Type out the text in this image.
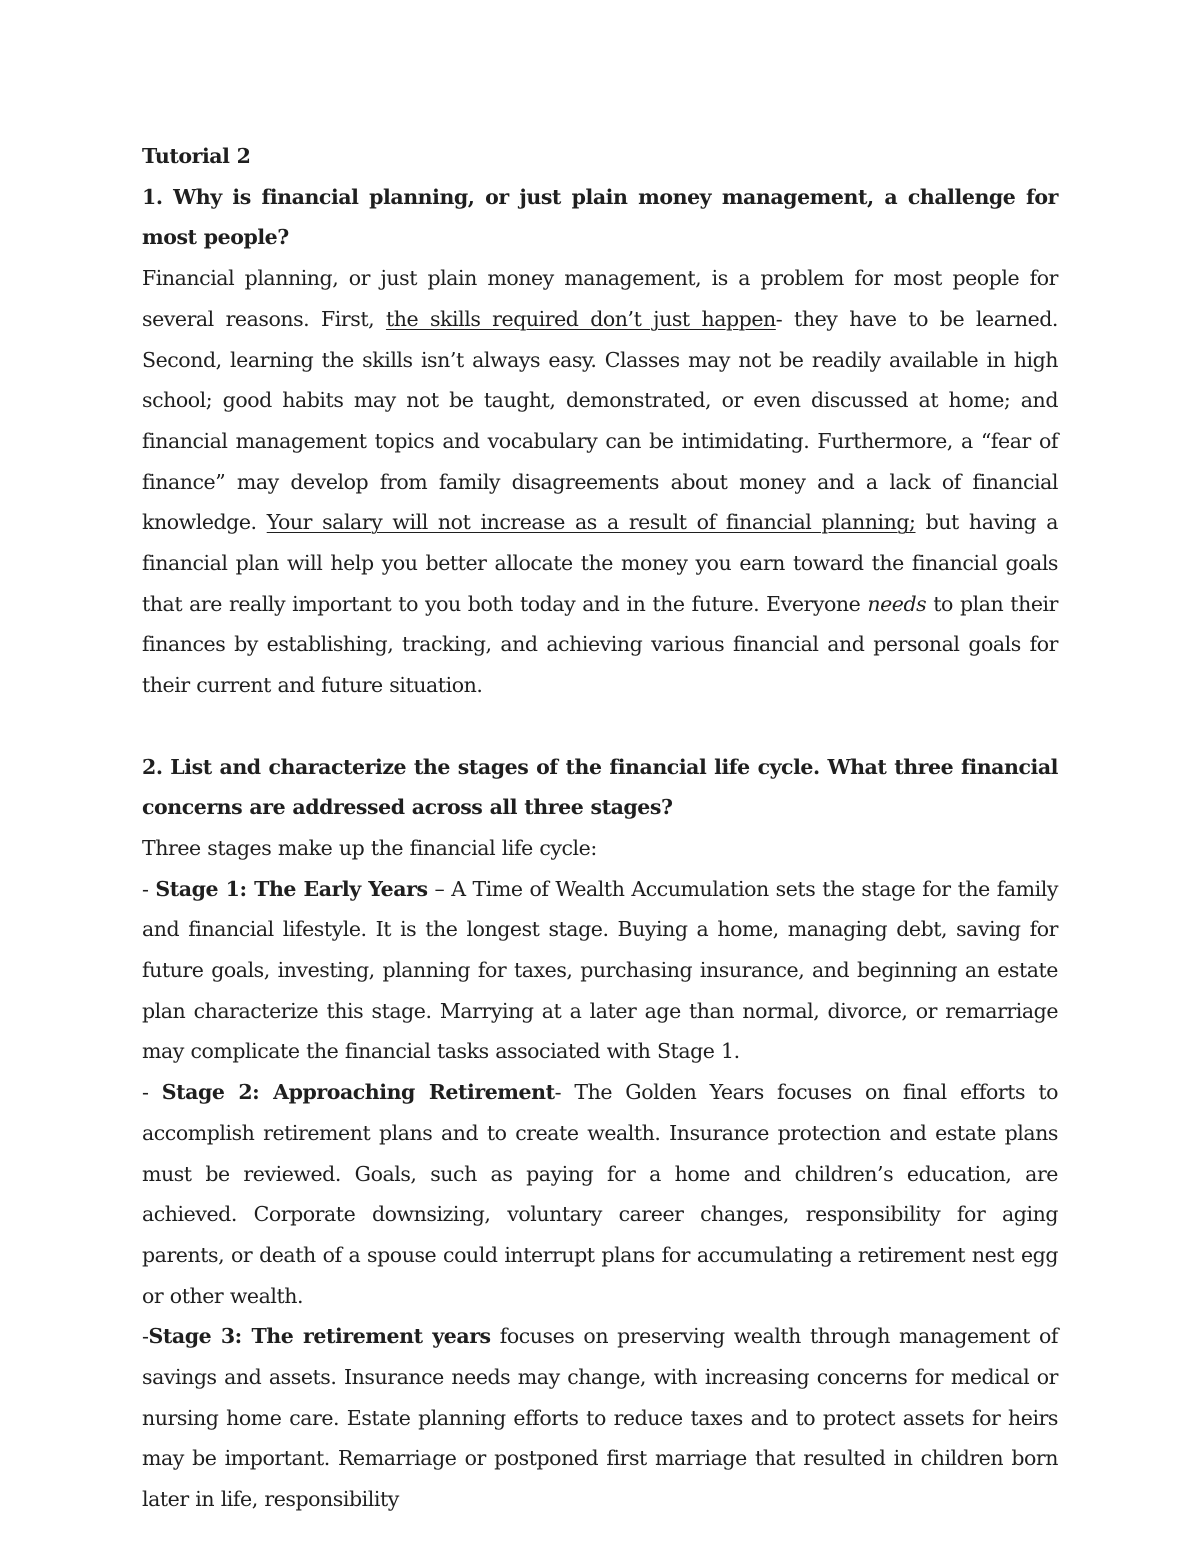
Tutorial 2

1. Why is financial planning, or just plain money management, a challenge for most people?

Financial planning, or just plain money management, is a problem for most people for several reasons. First, the skills required don’t just happen- they have to be learned. Second, learning the skills isn’t always easy. Classes may not be readily available in high school; good habits may not be taught, demonstrated, or even discussed at home; and financial management topics and vocabulary can be intimidating. Furthermore, a “fear of finance” may develop from family disagreements about money and a lack of financial knowledge. Your salary will not increase as a result of financial planning; but having a financial plan will help you better allocate the money you earn toward the financial goals that are really important to you both today and in the future. Everyone needs to plan their finances by establishing, tracking, and achieving various financial and personal goals for their current and future situation.

2. List and characterize the stages of the financial life cycle. What three financial concerns are addressed across all three stages?

Three stages make up the financial life cycle:

- Stage 1: The Early Years – A Time of Wealth Accumulation sets the stage for the family and financial lifestyle. It is the longest stage. Buying a home, managing debt, saving for future goals, investing, planning for taxes, purchasing insurance, and beginning an estate plan characterize this stage. Marrying at a later age than normal, divorce, or remarriage may complicate the financial tasks associated with Stage 1.

- Stage 2: Approaching Retirement- The Golden Years focuses on final efforts to accomplish retirement plans and to create wealth. Insurance protection and estate plans must be reviewed. Goals, such as paying for a home and children’s education, are achieved. Corporate downsizing, voluntary career changes, responsibility for aging parents, or death of a spouse could interrupt plans for accumulating a retirement nest egg or other wealth.

-Stage 3: The retirement years focuses on preserving wealth through management of savings and assets. Insurance needs may change, with increasing concerns for medical or nursing home care. Estate planning efforts to reduce taxes and to protect assets for heirs may be important. Remarriage or postponed first marriage that resulted in children born later in life, responsibility
